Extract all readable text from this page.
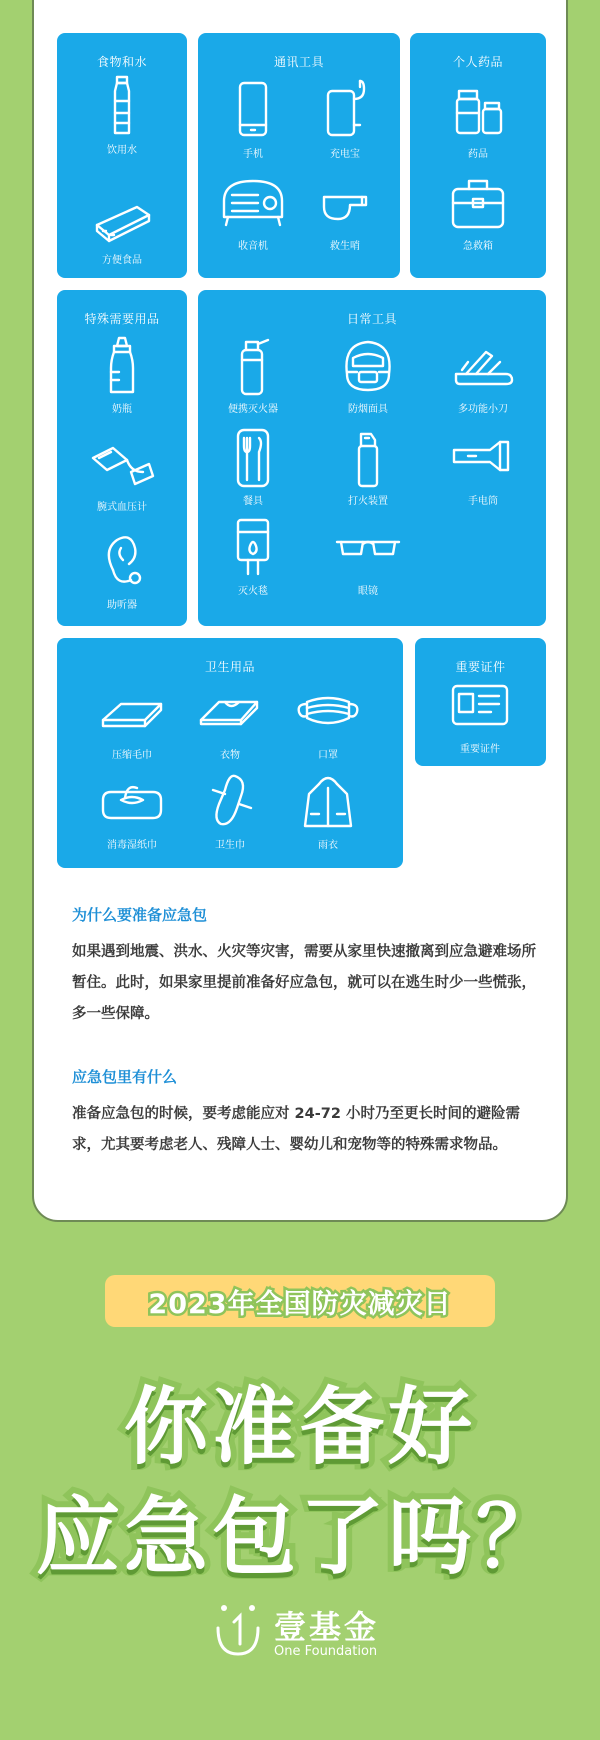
食物和水
饮用水
方便食品
通讯工具
手机	充电宝
收音机	救生哨
个人药品
药品
急救箱
特殊需要用品
奶瓶
腕式血压计
助听器
日常工具
便携灭火器	防烟面具	多功能小刀
餐具	打火装置	手电筒
灭火毯	眼镜
卫生用品
压缩毛巾	衣物	口罩
消毒湿纸巾	卫生巾	雨衣
重要证件
重要证件
为什么要准备应急包

如果遇到地震、洪水、火灾等灾害，需要从家里快速撤离到应急避难场所暂住。此时，如果家里提前准备好应急包，就可以在逃生时少一些慌张，多一些保障。

应急包里有什么

准备应急包的时候，要考虑能应对 24-72 小时乃至更长时间的避险需求，尤其要考虑老人、残障人士、婴幼儿和宠物等的特殊需求物品。

2023年全国防灾减灾日
你准备好
应急包了吗？
壹基金
One Foundation
